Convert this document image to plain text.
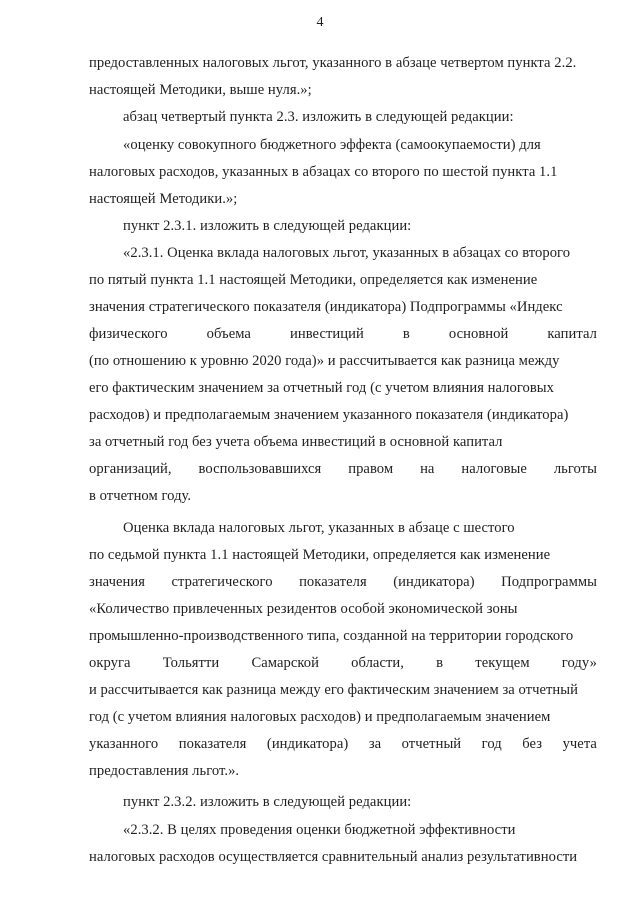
4
предоставленных налоговых льгот, указанного в абзаце четвертом пункта 2.2.
настоящей Методики, выше нуля.»;
абзац четвертый пункта 2.3. изложить в следующей редакции:
«оценку совокупного бюджетного эффекта (самоокупаемости) для
налоговых расходов, указанных в абзацах со второго по шестой пункта 1.1
настоящей Методики.»;
пункт 2.3.1. изложить в следующей редакции:
«2.3.1. Оценка вклада налоговых льгот, указанных в абзацах со второго
по пятый пункта 1.1 настоящей Методики, определяется как изменение
значения стратегического показателя (индикатора) Подпрограммы «Индекс
физического	объема	инвестиций	в	основной	капитал
(по отношению к уровню 2020 года)» и рассчитывается как разница между
его фактическим значением за отчетный год (с учетом влияния налоговых
расходов) и предполагаемым значением указанного показателя (индикатора)
за отчетный год без учета объема инвестиций в основной капитал
организаций, воспользовавшихся правом на налоговые льготы
в отчетном году.
Оценка вклада налоговых льгот, указанных в абзаце с шестого
по седьмой пункта 1.1 настоящей Методики, определяется как изменение
значения стратегического показателя (индикатора) Подпрограммы
«Количество привлеченных резидентов особой экономической зоны
промышленно-производственного типа, созданной на территории городского
округа Тольятти Самарской области, в текущем году»
и рассчитывается как разница между его фактическим значением за отчетный
год (с учетом влияния налоговых расходов) и предполагаемым значением
указанного показателя (индикатора) за отчетный год без учета
предоставления льгот.».
пункт 2.3.2. изложить в следующей редакции:
«2.3.2. В целях проведения оценки бюджетной эффективности
налоговых расходов осуществляется сравнительный анализ результативности
